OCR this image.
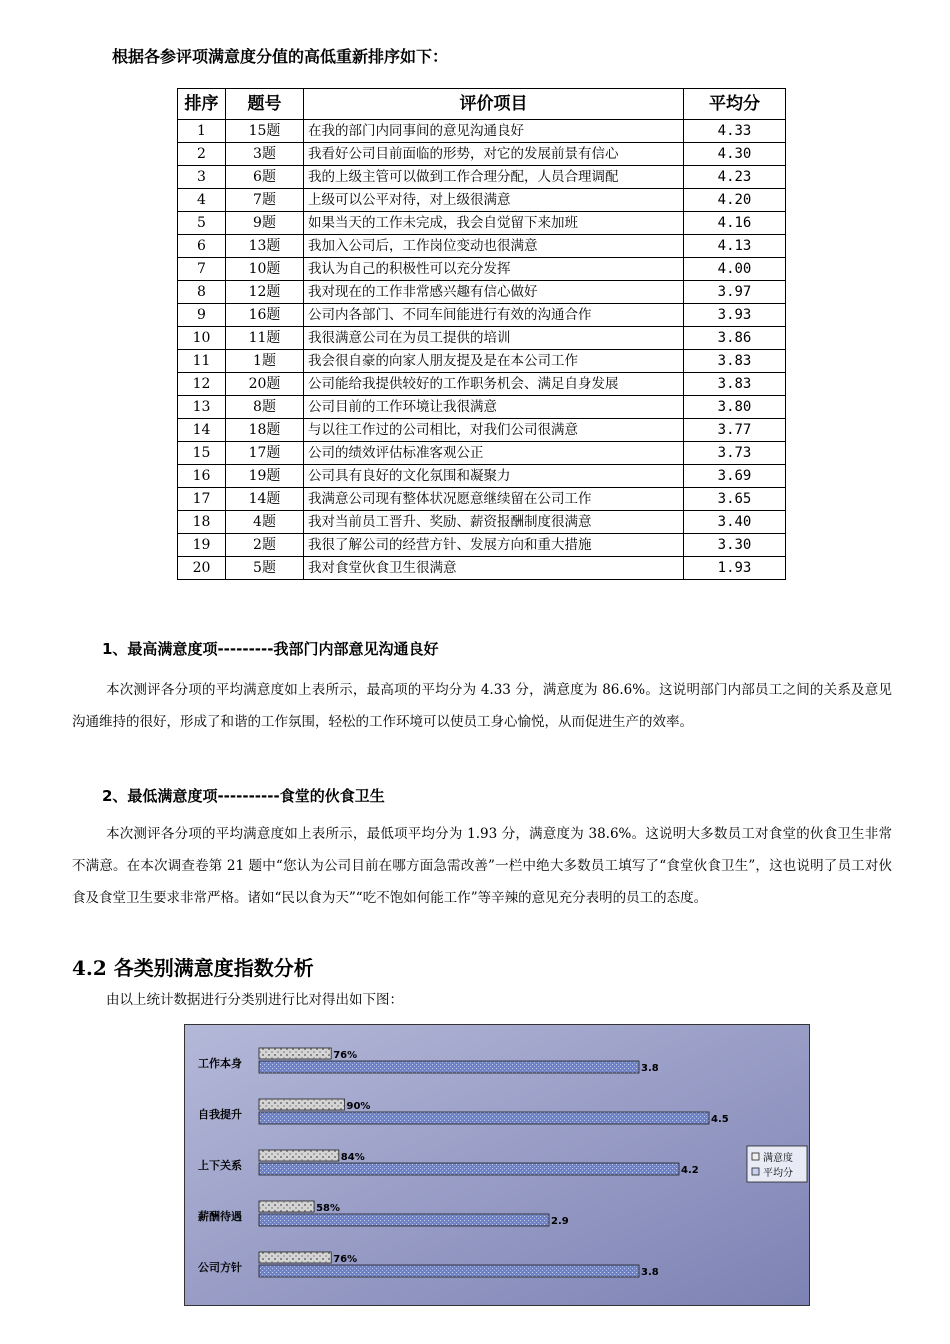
根据各参评项满意度分值的高低重新排序如下：
排序	题号	评价项目	平均分
1	15题	在我的部门内同事间的意见沟通良好	4.33
2	3题	我看好公司目前面临的形势，对它的发展前景有信心	4.30
3	6题	我的上级主管可以做到工作合理分配，人员合理调配	4.23
4	7题	上级可以公平对待，对上级很满意	4.20
5	9题	如果当天的工作未完成，我会自觉留下来加班	4.16
6	13题	我加入公司后，工作岗位变动也很满意	4.13
7	10题	我认为自己的积极性可以充分发挥	4.00
8	12题	我对现在的工作非常感兴趣有信心做好	3.97
9	16题	公司内各部门、不同车间能进行有效的沟通合作	3.93
10	11题	我很满意公司在为员工提供的培训	3.86
11	1题	我会很自豪的向家人朋友提及是在本公司工作	3.83
12	20题	公司能给我提供较好的工作职务机会、满足自身发展	3.83
13	8题	公司目前的工作环境让我很满意	3.80
14	18题	与以往工作过的公司相比，对我们公司很满意	3.77
15	17题	公司的绩效评估标准客观公正	3.73
16	19题	公司具有良好的文化氛围和凝聚力	3.69
17	14题	我满意公司现有整体状况愿意继续留在公司工作	3.65
18	4题	我对当前员工晋升、奖励、薪资报酬制度很满意	3.40
19	2题	我很了解公司的经营方针、发展方向和重大措施	3.30
20	5题	我对食堂伙食卫生很满意	1.93
1、最高满意度项---------我部门内部意见沟通良好
本次测评各分项的平均满意度如上表所示，最高项的平均分为 4.33 分，满意度为 86.6%。这说明部门内部员工之间的关系及意见沟通维持的很好，形成了和谐的工作氛围，轻松的工作环境可以使员工身心愉悦，从而促进生产的效率。
2、最低满意度项----------食堂的伙食卫生
本次测评各分项的平均满意度如上表所示，最低项平均分为 1.93 分，满意度为 38.6%。这说明大多数员工对食堂的伙食卫生非常不满意。在本次调查卷第 21 题中“您认为公司目前在哪方面急需改善”一栏中绝大多数员工填写了“食堂伙食卫生”，这也说明了员工对伙食及食堂卫生要求非常严格。诸如“民以食为天”“吃不饱如何能工作”等辛辣的意见充分表明的员工的态度。
4.2 各类别满意度指数分析
由以上统计数据进行分类别进行比对得出如下图：
工作本身
76%
3.8
自我提升
90%
4.5
上下关系
84%
4.2
薪酬待遇
58%
2.9
公司方针
76%
3.8
满意度
平均分
